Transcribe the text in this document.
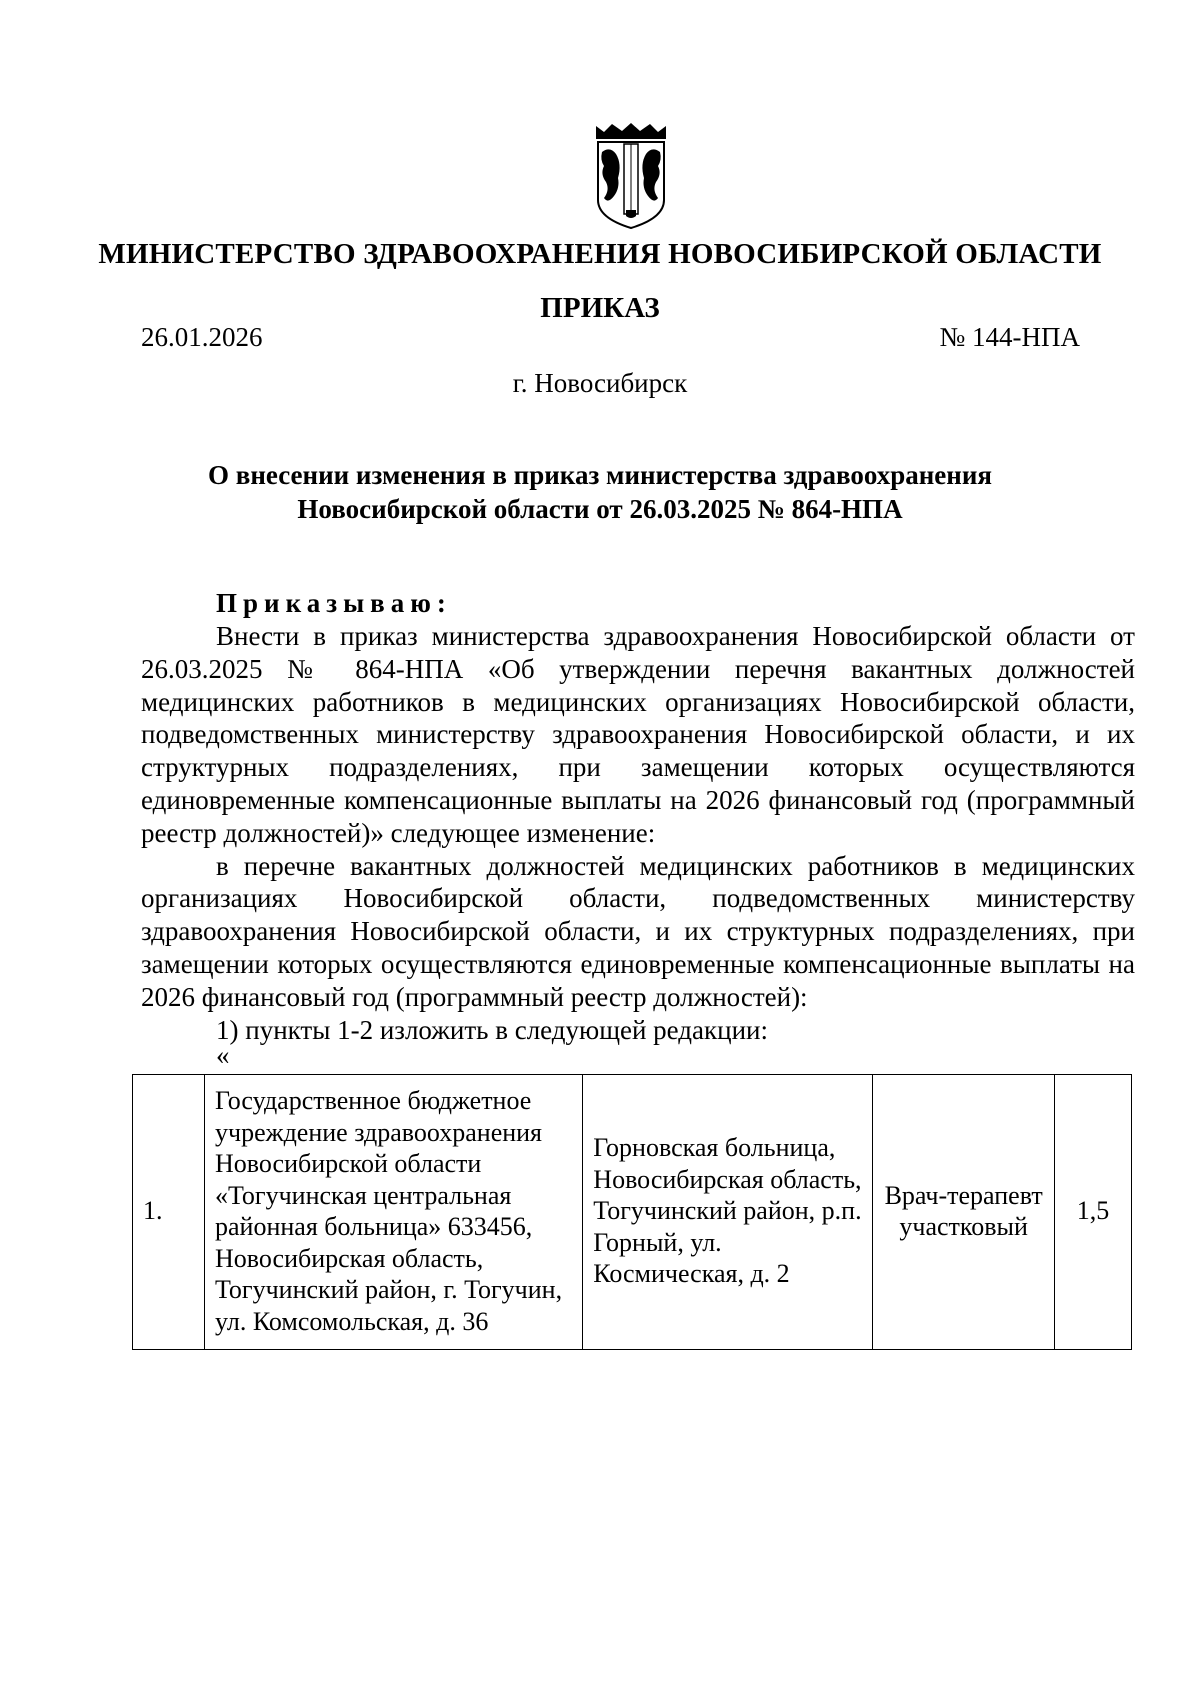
МИНИСТЕРСТВО ЗДРАВООХРАНЕНИЯ НОВОСИБИРСКОЙ ОБЛАСТИ
ПРИКАЗ
26.01.2026	№ 144-НПА
г. Новосибирск
О внесении изменения в приказ министерства здравоохранения Новосибирской области от 26.03.2025 № 864-НПА
Приказываю:

Внести в приказ министерства здравоохранения Новосибирской области от 26.03.2025 № 864-НПА «Об утверждении перечня вакантных должностей медицинских работников в медицинских организациях Новосибирской области, подведомственных министерству здравоохранения Новосибирской области, и их структурных подразделениях, при замещении которых осуществляются единовременные компенсационные выплаты на 2026 финансовый год (программный реестр должностей)» следующее изменение:

в перечне вакантных должностей медицинских работников в медицинских организациях Новосибирской области, подведомственных министерству здравоохранения Новосибирской области, и их структурных подразделениях, при замещении которых осуществляются единовременные компенсационные выплаты на 2026 финансовый год (программный реестр должностей):

1) пункты 1-2 изложить в следующей редакции:

«
1.	Государственное бюджетное учреждение здравоохранения Новосибирской области «Тогучинская центральная районная больница» 633456, Новосибирская область, Тогучинский район, г. Тогучин, ул. Комсомольская, д. 36	Горновская больница, Новосибирская область, Тогучинский район, р.п. Горный, ул. Космическая, д. 2	Врач-терапевт участковый	1,5
